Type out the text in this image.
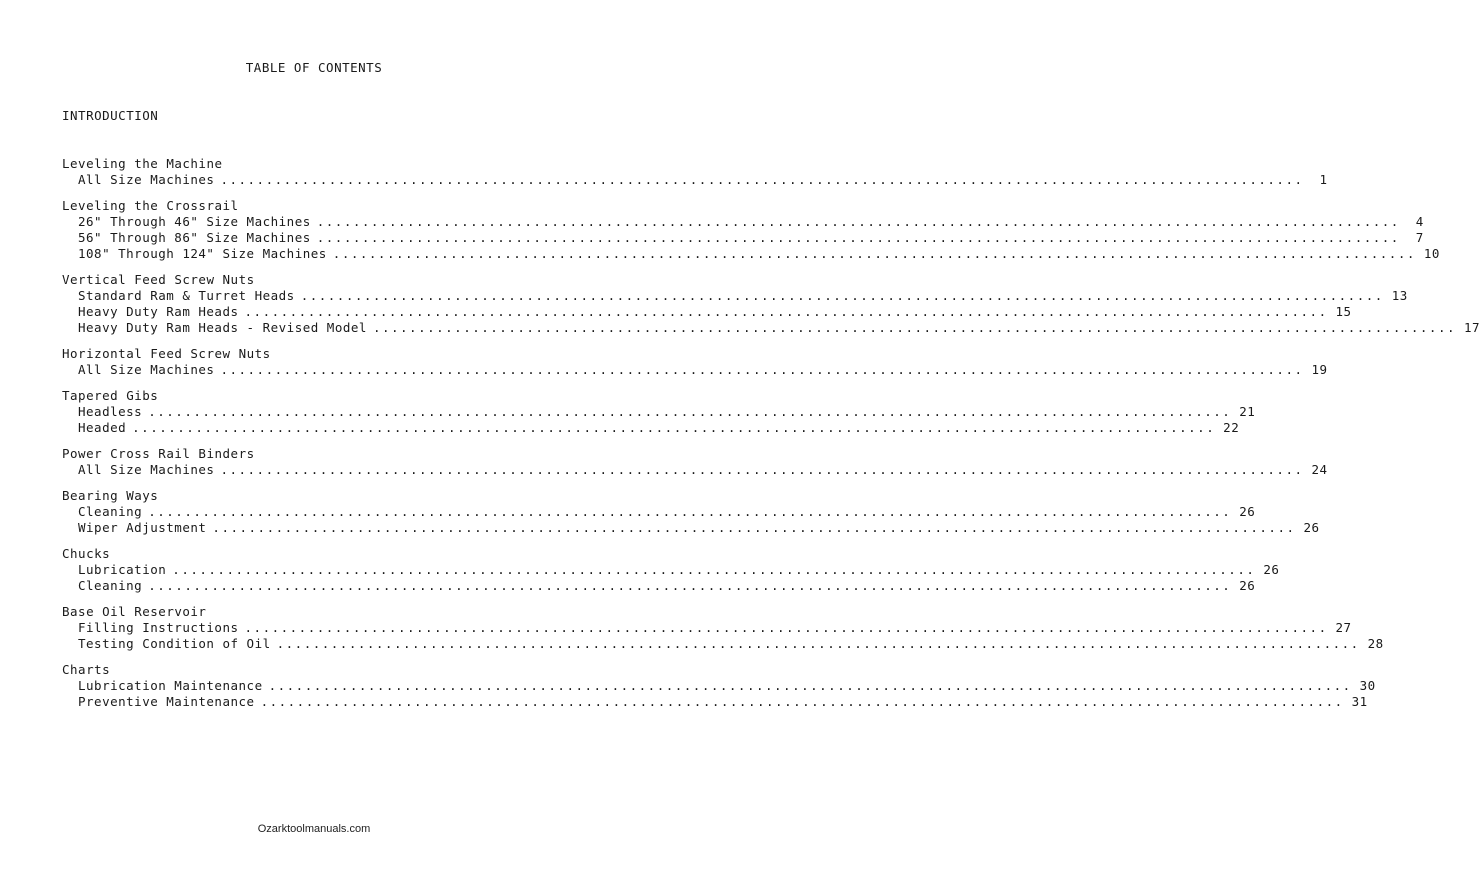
TABLE OF CONTENTS
INTRODUCTION
Leveling the Machine
All Size Machines ........................................................................................................................	1
Leveling the Crossrail
26" Through 46" Size Machines ........................................................................................................................	4
56" Through 86" Size Machines ........................................................................................................................	7
108" Through 124" Size Machines ........................................................................................................................ 10
Vertical Feed Screw Nuts
Standard Ram & Turret Heads ........................................................................................................................ 13
Heavy Duty Ram Heads ........................................................................................................................ 15
Heavy Duty Ram Heads - Revised Model ........................................................................................................................ 17
Horizontal Feed Screw Nuts
All Size Machines ........................................................................................................................ 19
Tapered Gibs
Headless ........................................................................................................................ 21
Headed ........................................................................................................................ 22
Power Cross Rail Binders
All Size Machines ........................................................................................................................ 24
Bearing Ways
Cleaning ........................................................................................................................ 26
Wiper Adjustment ........................................................................................................................ 26
Chucks
Lubrication ........................................................................................................................ 26
Cleaning ........................................................................................................................ 26
Base Oil Reservoir
Filling Instructions ........................................................................................................................ 27
Testing Condition of Oil ........................................................................................................................ 28
Charts
Lubrication Maintenance ........................................................................................................................ 30
Preventive Maintenance ........................................................................................................................ 31
Ozarktoolmanuals.com
